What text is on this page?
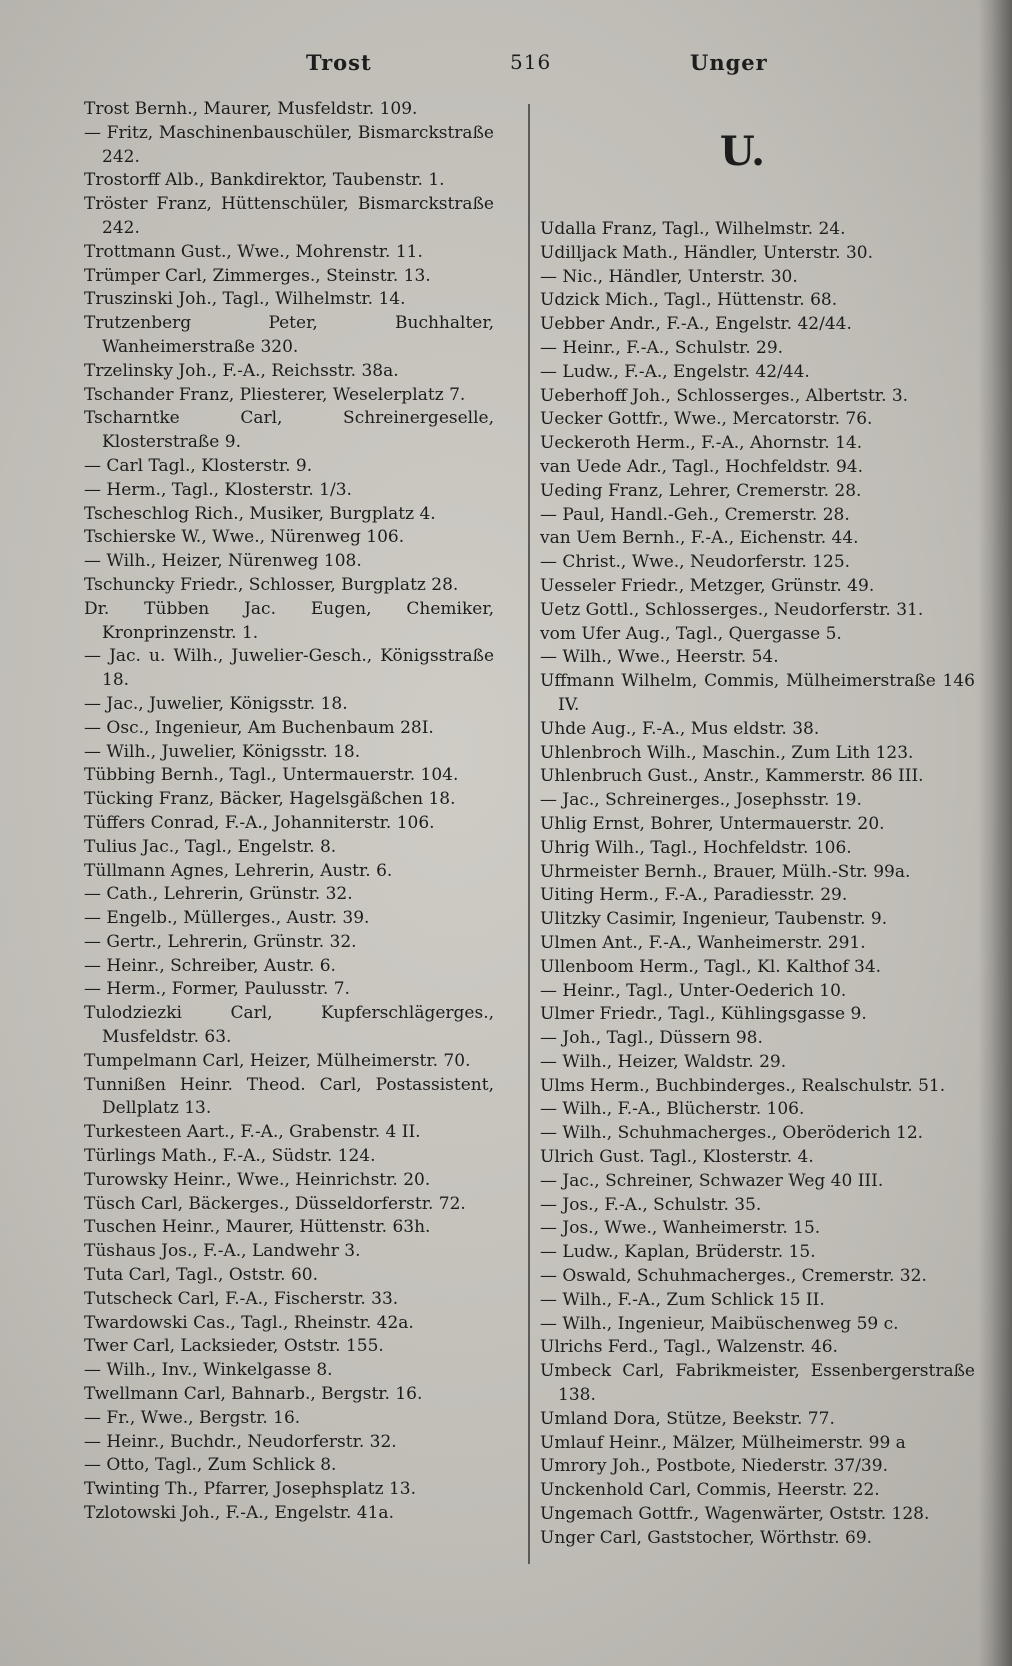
Trost	516	Unger
Trost Bernh., Maurer, Musfeldstr. 109.
— Fritz, Maschinenbauschüler, Bismarckstraße 242.
Trostorff Alb., Bankdirektor, Taubenstr. 1.
Tröster Franz, Hüttenschüler, Bismarckstraße 242.
Trottmann Gust., Wwe., Mohrenstr. 11.
Trümper Carl, Zimmerges., Steinstr. 13.
Truszinski Joh., Tagl., Wilhelmstr. 14.
Trutzenberg Peter, Buchhalter, Wanheimerstraße 320.
Trzelinsky Joh., F.-A., Reichsstr. 38a.
Tschander Franz, Pliesterer, Weselerplatz 7.
Tscharntke Carl, Schreinergeselle, Klosterstraße 9.
— Carl Tagl., Klosterstr. 9.
— Herm., Tagl., Klosterstr. 1/3.
Tscheschlog Rich., Musiker, Burgplatz 4.
Tschierske W., Wwe., Nürenweg 106.
— Wilh., Heizer, Nürenweg 108.
Tschuncky Friedr., Schlosser, Burgplatz 28.
Dr. Tübben Jac. Eugen, Chemiker, Kronprinzenstr. 1.
— Jac. u. Wilh., Juwelier-Gesch., Königsstraße 18.
— Jac., Juwelier, Königsstr. 18.
— Osc., Ingenieur, Am Buchenbaum 28I.
— Wilh., Juwelier, Königsstr. 18.
Tübbing Bernh., Tagl., Untermauerstr. 104.
Tücking Franz, Bäcker, Hagelsgäßchen 18.
Tüffers Conrad, F.-A., Johanniterstr. 106.
Tulius Jac., Tagl., Engelstr. 8.
Tüllmann Agnes, Lehrerin, Austr. 6.
— Cath., Lehrerin, Grünstr. 32.
— Engelb., Müllerges., Austr. 39.
— Gertr., Lehrerin, Grünstr. 32.
— Heinr., Schreiber, Austr. 6.
— Herm., Former, Paulusstr. 7.
Tulodziezki Carl, Kupferschlägerges., Musfeldstr. 63.
Tumpelmann Carl, Heizer, Mülheimerstr. 70.
Tunnißen Heinr. Theod. Carl, Postassistent, Dellplatz 13.
Turkesteen Aart., F.-A., Grabenstr. 4 II.
Türlings Math., F.-A., Südstr. 124.
Turowsky Heinr., Wwe., Heinrichstr. 20.
Tüsch Carl, Bäckerges., Düsseldorferstr. 72.
Tuschen Heinr., Maurer, Hüttenstr. 63h.
Tüshaus Jos., F.-A., Landwehr 3.
Tuta Carl, Tagl., Oststr. 60.
Tutscheck Carl, F.-A., Fischerstr. 33.
Twardowski Cas., Tagl., Rheinstr. 42a.
Twer Carl, Lacksieder, Oststr. 155.
— Wilh., Inv., Winkelgasse 8.
Twellmann Carl, Bahnarb., Bergstr. 16.
— Fr., Wwe., Bergstr. 16.
— Heinr., Buchdr., Neudorferstr. 32.
— Otto, Tagl., Zum Schlick 8.
Twinting Th., Pfarrer, Josephsplatz 13.
Tzlotowski Joh., F.-A., Engelstr. 41a.
U.
Udalla Franz, Tagl., Wilhelmstr. 24.
Udilljack Math., Händler, Unterstr. 30.
— Nic., Händler, Unterstr. 30.
Udzick Mich., Tagl., Hüttenstr. 68.
Uebber Andr., F.-A., Engelstr. 42/44.
— Heinr., F.-A., Schulstr. 29.
— Ludw., F.-A., Engelstr. 42/44.
Ueberhoff Joh., Schlosserges., Albertstr. 3.
Uecker Gottfr., Wwe., Mercatorstr. 76.
Ueckeroth Herm., F.-A., Ahornstr. 14.
van Uede Adr., Tagl., Hochfeldstr. 94.
Ueding Franz, Lehrer, Cremerstr. 28.
— Paul, Handl.-Geh., Cremerstr. 28.
van Uem Bernh., F.-A., Eichenstr. 44.
— Christ., Wwe., Neudorferstr. 125.
Uesseler Friedr., Metzger, Grünstr. 49.
Uetz Gottl., Schlosserges., Neudorferstr. 31.
vom Ufer Aug., Tagl., Quergasse 5.
— Wilh., Wwe., Heerstr. 54.
Uffmann Wilhelm, Commis, Mülheimerstraße 146 IV.
Uhde Aug., F.-A., Mus eldstr. 38.
Uhlenbroch Wilh., Maschin., Zum Lith 123.
Uhlenbruch Gust., Anstr., Kammerstr. 86 III.
— Jac., Schreinerges., Josephsstr. 19.
Uhlig Ernst, Bohrer, Untermauerstr. 20.
Uhrig Wilh., Tagl., Hochfeldstr. 106.
Uhrmeister Bernh., Brauer, Mülh.-Str. 99a.
Uiting Herm., F.-A., Paradiesstr. 29.
Ulitzky Casimir, Ingenieur, Taubenstr. 9.
Ulmen Ant., F.-A., Wanheimerstr. 291.
Ullenboom Herm., Tagl., Kl. Kalthof 34.
— Heinr., Tagl., Unter-Oederich 10.
Ulmer Friedr., Tagl., Kühlingsgasse 9.
— Joh., Tagl., Düssern 98.
— Wilh., Heizer, Waldstr. 29.
Ulms Herm., Buchbinderges., Realschulstr. 51.
— Wilh., F.-A., Blücherstr. 106.
— Wilh., Schuhmacherges., Oberöderich 12.
Ulrich Gust. Tagl., Klosterstr. 4.
— Jac., Schreiner, Schwazer Weg 40 III.
— Jos., F.-A., Schulstr. 35.
— Jos., Wwe., Wanheimerstr. 15.
— Ludw., Kaplan, Brüderstr. 15.
— Oswald, Schuhmacherges., Cremerstr. 32.
— Wilh., F.-A., Zum Schlick 15 II.
— Wilh., Ingenieur, Maibüschenweg 59 c.
Ulrichs Ferd., Tagl., Walzenstr. 46.
Umbeck Carl, Fabrikmeister, Essenbergerstraße 138.
Umland Dora, Stütze, Beekstr. 77.
Umlauf Heinr., Mälzer, Mülheimerstr. 99 a
Umrory Joh., Postbote, Niederstr. 37/39.
Unckenhold Carl, Commis, Heerstr. 22.
Ungemach Gottfr., Wagenwärter, Oststr. 128.
Unger Carl, Gaststocher, Wörthstr. 69.
